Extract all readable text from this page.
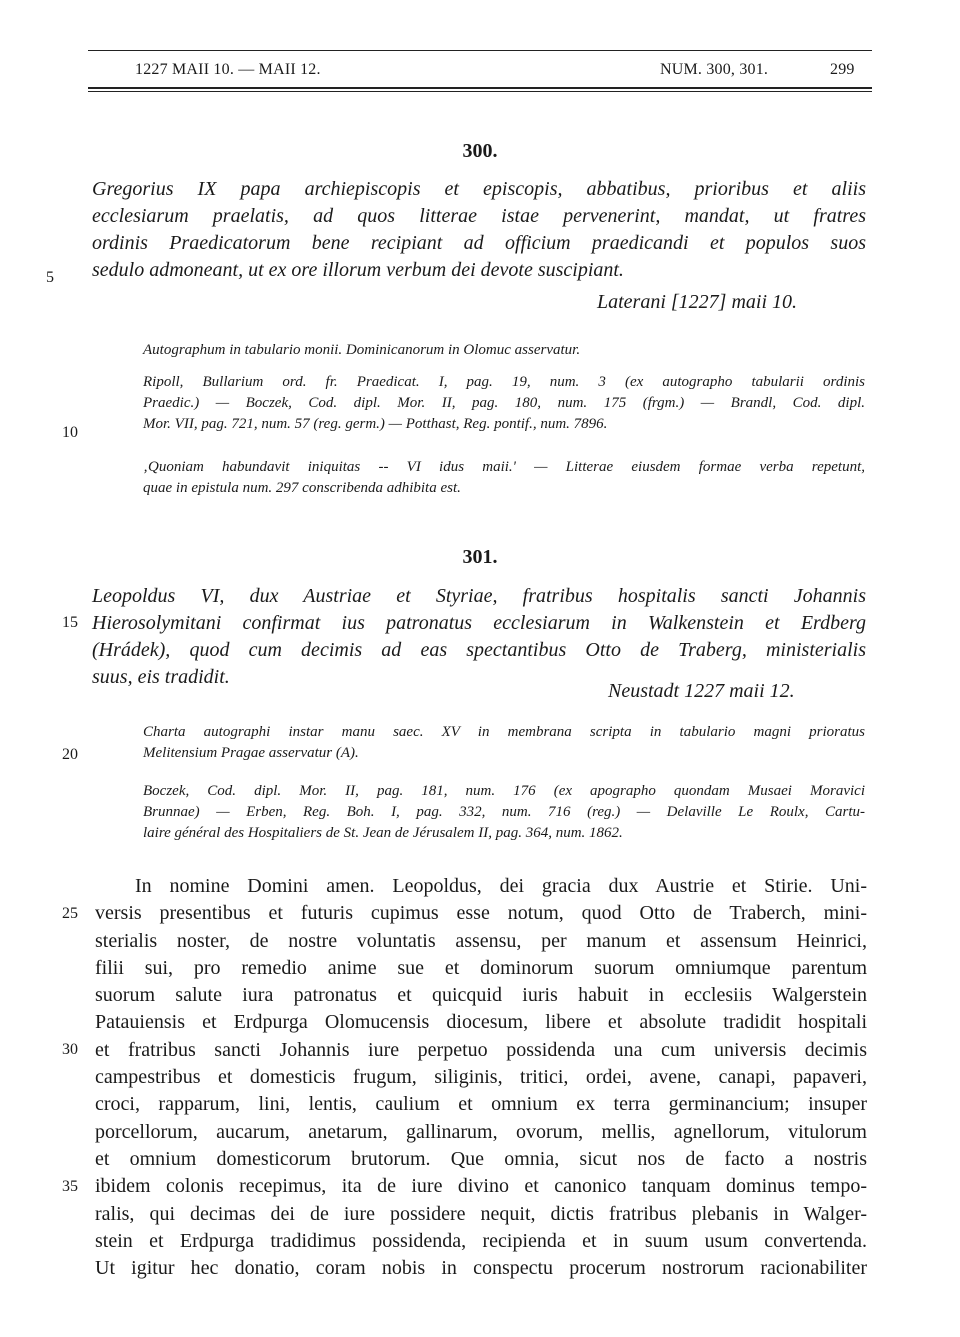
1227 MAII 10. — MAII 12.	NUM. 300, 301.	299
300.
Gregorius IX papa archiepiscopis et episcopis, abbatibus, prioribus et aliis
ecclesiarum praelatis, ad quos litterae istae pervenerint, mandat, ut fratres
ordinis Praedicatorum bene recipiant ad officium praedicandi et populos suos
sedulo admoneant, ut ex ore illorum verbum dei devote suscipiant.
Laterani [1227] maii 10.
Autographum in tabulario monii. Dominicanorum in Olomuc asservatur.
Ripoll, Bullarium ord. fr. Praedicat. I, pag. 19, num. 3 (ex autographo tabularii ordinis
Praedic.) — Boczek, Cod. dipl. Mor. II, pag. 180, num. 175 (frgm.) — Brandl, Cod. dipl.
Mor. VII, pag. 721, num. 57 (reg. germ.) — Potthast, Reg. pontif., num. 7896.
‚Quoniam habundavit iniquitas -- VI idus maii.' — Litterae eiusdem formae verba repetunt,
quae in epistula num. 297 conscribenda adhibita est.
301.
Leopoldus VI, dux Austriae et Styriae, fratribus hospitalis sancti Johannis
Hierosolymitani confirmat ius patronatus ecclesiarum in Walkenstein et Erdberg
(Hrádek), quod cum decimis ad eas spectantibus Otto de Traberg, ministerialis
suus, eis tradidit.
Neustadt 1227 maii 12.
Charta autographi instar manu saec. XV in membrana scripta in tabulario magni prioratus
Melitensium Pragae asservatur (A).
Boczek, Cod. dipl. Mor. II, pag. 181, num. 176 (ex apographo quondam Musaei Moravici
Brunnae) — Erben, Reg. Boh. I, pag. 332, num. 716 (reg.) — Delaville Le Roulx, Cartu-
laire général des Hospitaliers de St. Jean de Jérusalem II, pag. 364, num. 1862.
In nomine Domini amen. Leopoldus, dei gracia dux Austrie et Stirie. Uni-
versis presentibus et futuris cupimus esse notum, quod Otto de Traberch, mini-
sterialis noster, de nostre voluntatis assensu, per manum et assensum Heinrici,
filii sui, pro remedio anime sue et dominorum suorum omniumque parentum
suorum salute iura patronatus et quicquid iuris habuit in ecclesiis Walgerstein
Patauiensis et Erdpurga Olomucensis diocesum, libere et absolute tradidit hospitali
et fratribus sancti Johannis iure perpetuo possidenda una cum universis decimis
campestribus et domesticis frugum, siliginis, tritici, ordei, avene, canapi, papaveri,
croci, rapparum, lini, lentis, caulium et omnium ex terra germinancium; insuper
porcellorum, aucarum, anetarum, gallinarum, ovorum, mellis, agnellorum, vitulorum
et omnium domesticorum brutorum. Que omnia, sicut nos de facto a nostris
ibidem colonis recepimus, ita de iure divino et canonico tanquam dominus tempo-
ralis, qui decimas dei de iure possidere nequit, dictis fratribus plebanis in Walger-
stein et Erdpurga tradidimus possidenda, recipienda et in suum usum convertenda.
Ut igitur hec donatio, coram nobis in conspectu procerum nostrorum racionabiliter
5
10
15
20
25
30
35
